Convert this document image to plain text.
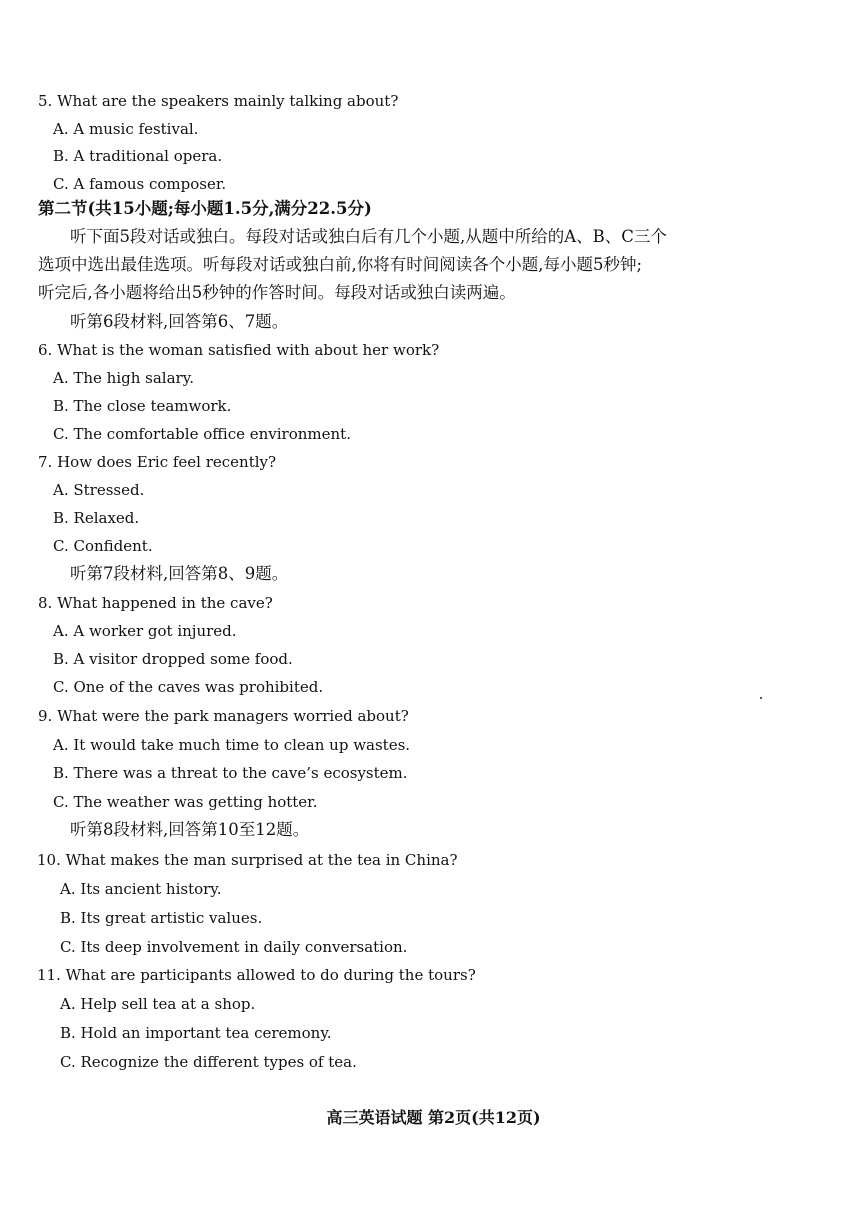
5. What are the speakers mainly talking about?
A. A music festival.
B. A traditional opera.
C. A famous composer.
第二节(共15小题;每小题1.5分,满分22.5分)
听下面5段对话或独白。每段对话或独白后有几个小题,从题中所给的A、B、C三个
选项中选出最佳选项。听每段对话或独白前,你将有时间阅读各个小题,每小题5秒钟;
听完后,各小题将给出5秒钟的作答时间。每段对话或独白读两遍。
听第6段材料,回答第6、7题。
6. What is the woman satisfied with about her work?
A. The high salary.
B. The close teamwork.
C. The comfortable office environment.
7. How does Eric feel recently?
A. Stressed.
B. Relaxed.
C. Confident.
听第7段材料,回答第8、9题。
8. What happened in the cave?
A. A worker got injured.
B. A visitor dropped some food.
C. One of the caves was prohibited.
9. What were the park managers worried about?
A. It would take much time to clean up wastes.
B. There was a threat to the cave’s ecosystem.
C. The weather was getting hotter.
听第8段材料,回答第10至12题。
10. What makes the man surprised at the tea in China?
A. Its ancient history.
B. Its great artistic values.
C. Its deep involvement in daily conversation.
11. What are participants allowed to do during the tours?
A. Help sell tea at a shop.
B. Hold an important tea ceremony.
C. Recognize the different types of tea.
高三英语试题 第2页(共12页)
